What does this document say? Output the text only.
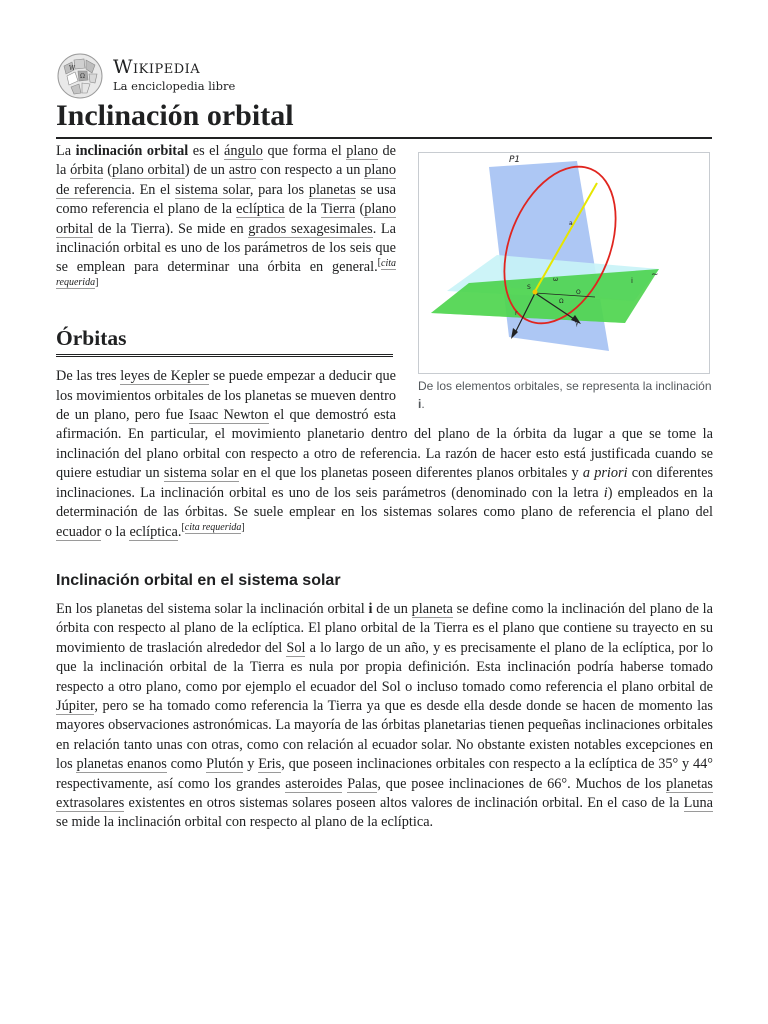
W
Ω Wikipedia
La enciclopedia libre
Inclinación orbital
P1
a
ω
S
O
Ω
i
∼
γ
r
De los elementos orbitales, se representa la inclinación i.

La inclinación orbital es el ángulo que forma el plano de la órbita (plano orbital) de un astro con respecto a un plano de referencia. En el sistema solar, para los planetas se usa como referencia el plano de la eclíptica de la Tierra (plano orbital de la Tierra). Se mide en grados sexagesimales. La inclinación orbital es uno de los parámetros de los seis que se emplean para determinar una órbita en general.[cita requerida]

Órbitas

De las tres leyes de Kepler se puede empezar a deducir que los movimientos orbitales de los planetas se mueven dentro de un plano, pero fue Isaac Newton el que demostró esta afirmación. En particular, el movimiento planetario dentro del plano de la órbita da lugar a que se tome la inclinación del plano orbital con respecto a otro de referencia. La razón de hacer esto está justificada cuando se quiere estudiar un sistema solar en el que los planetas poseen diferentes planos orbitales y a priori con diferentes inclinaciones. La inclinación orbital es uno de los seis parámetros (denominado con la letra i) empleados en la determinación de las órbitas. Se suele emplear en los sistemas solares como plano de referencia el plano del ecuador o la eclíptica.[cita requerida]

Inclinación orbital en el sistema solar

En los planetas del sistema solar la inclinación orbital i de un planeta se define como la inclinación del plano de la órbita con respecto al plano de la eclíptica. El plano orbital de la Tierra es el plano que contiene su trayecto en su movimiento de traslación alrededor del Sol a lo largo de un año, y es precisamente el plano de la eclíptica, por lo que la inclinación orbital de la Tierra es nula por propia definición. Esta inclinación podría haberse tomado respecto a otro plano, como por ejemplo el ecuador del Sol o incluso tomado como referencia el plano orbital de Júpiter, pero se ha tomado como referencia la Tierra ya que es desde ella desde donde se hacen de momento las mayores observaciones astronómicas. La mayoría de las órbitas planetarias tienen pequeñas inclinaciones orbitales en relación tanto unas con otras, como con relación al ecuador solar. No obstante existen notables excepciones en los planetas enanos como Plutón y Eris, que poseen inclinaciones orbitales con respecto a la eclíptica de 35° y 44° respectivamente, así como los grandes asteroides Palas, que posee inclinaciones de 66°. Muchos de los planetas extrasolares existentes en otros sistemas solares poseen altos valores de inclinación orbital. En el caso de la Luna se mide la inclinación orbital con respecto al plano de la eclíptica.
